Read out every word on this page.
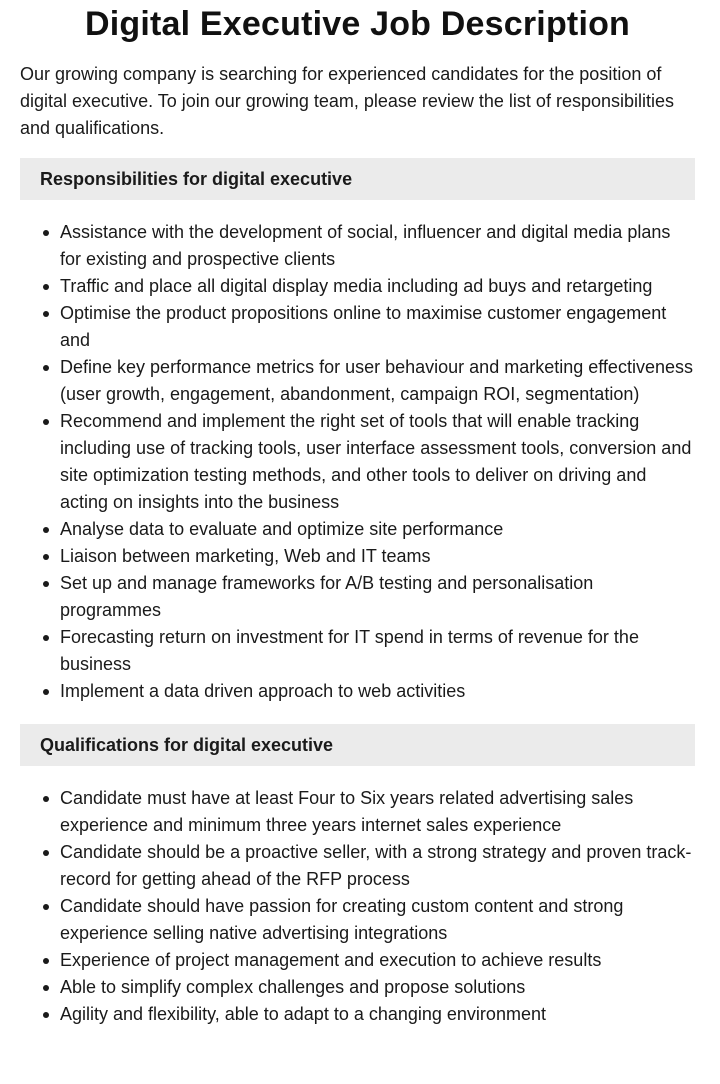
Digital Executive Job Description

Our growing company is searching for experienced candidates for the position of digital executive. To join our growing team, please review the list of responsibilities and qualifications.

Responsibilities for digital executive
Assistance with the development of social, influencer and digital media plans for existing and prospective clients
Traffic and place all digital display media including ad buys and retargeting
Optimise the product propositions online to maximise customer engagement and
Define key performance metrics for user behaviour and marketing effectiveness (user growth, engagement, abandonment, campaign ROI, segmentation)
Recommend and implement the right set of tools that will enable tracking including use of tracking tools, user interface assessment tools, conversion and site optimization testing methods, and other tools to deliver on driving and acting on insights into the business
Analyse data to evaluate and optimize site performance
Liaison between marketing, Web and IT teams
Set up and manage frameworks for A/B testing and personalisation programmes
Forecasting return on investment for IT spend in terms of revenue for the business
Implement a data driven approach to web activities
Qualifications for digital executive
Candidate must have at least Four to Six years related advertising sales experience and minimum three years internet sales experience
Candidate should be a proactive seller, with a strong strategy and proven track-record for getting ahead of the RFP process
Candidate should have passion for creating custom content and strong experience selling native advertising integrations
Experience of project management and execution to achieve results
Able to simplify complex challenges and propose solutions
Agility and flexibility, able to adapt to a changing environment
